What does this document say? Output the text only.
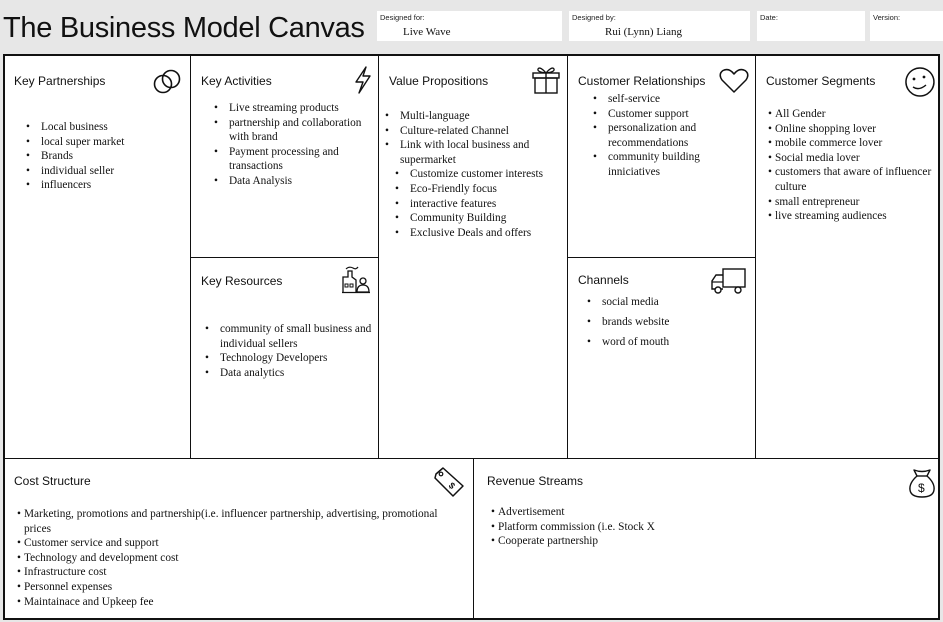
The Business Model Canvas Designed for:
Live Wave
Designed by:
Rui (Lynn) Liang
Date:	Version:
Key Partnerships
• Local business
• local super market
• Brands
• individual seller
• influencers
Key Activities
• Live streaming products
• partnership and collaboration with brand
• Payment processing and transactions
• Data Analysis
Key Resources
• community of small business and individual sellers
• Technology Developers
• Data analytics
Value Propositions
• Multi-language
• Culture-related Channel
• Link with local business and supermarket
• Customize customer interests
• Eco-Friendly focus
• interactive features
• Community Building
• Exclusive Deals and offers
Customer Relationships
• self-service
• Customer support
• personalization and recommendations
• community building inniciatives
Channels
• social media
• brands website
• word of mouth
Customer Segments
• All Gender
• Online shopping lover
• mobile commerce lover
• Social media lover
• customers that aware of influencer culture
• small entrepreneur
• live streaming audiences
Cost Structure	$
• Marketing, promotions and partnership(i.e. influencer partnership, advertising, promotional prices
• Customer service and support
• Technology and development cost
• Infrastructure cost
• Personnel expenses
• Maintainace and Upkeep fee
Revenue Streams	$
• Advertisement
• Platform commission (i.e. Stock X
• Cooperate partnership
